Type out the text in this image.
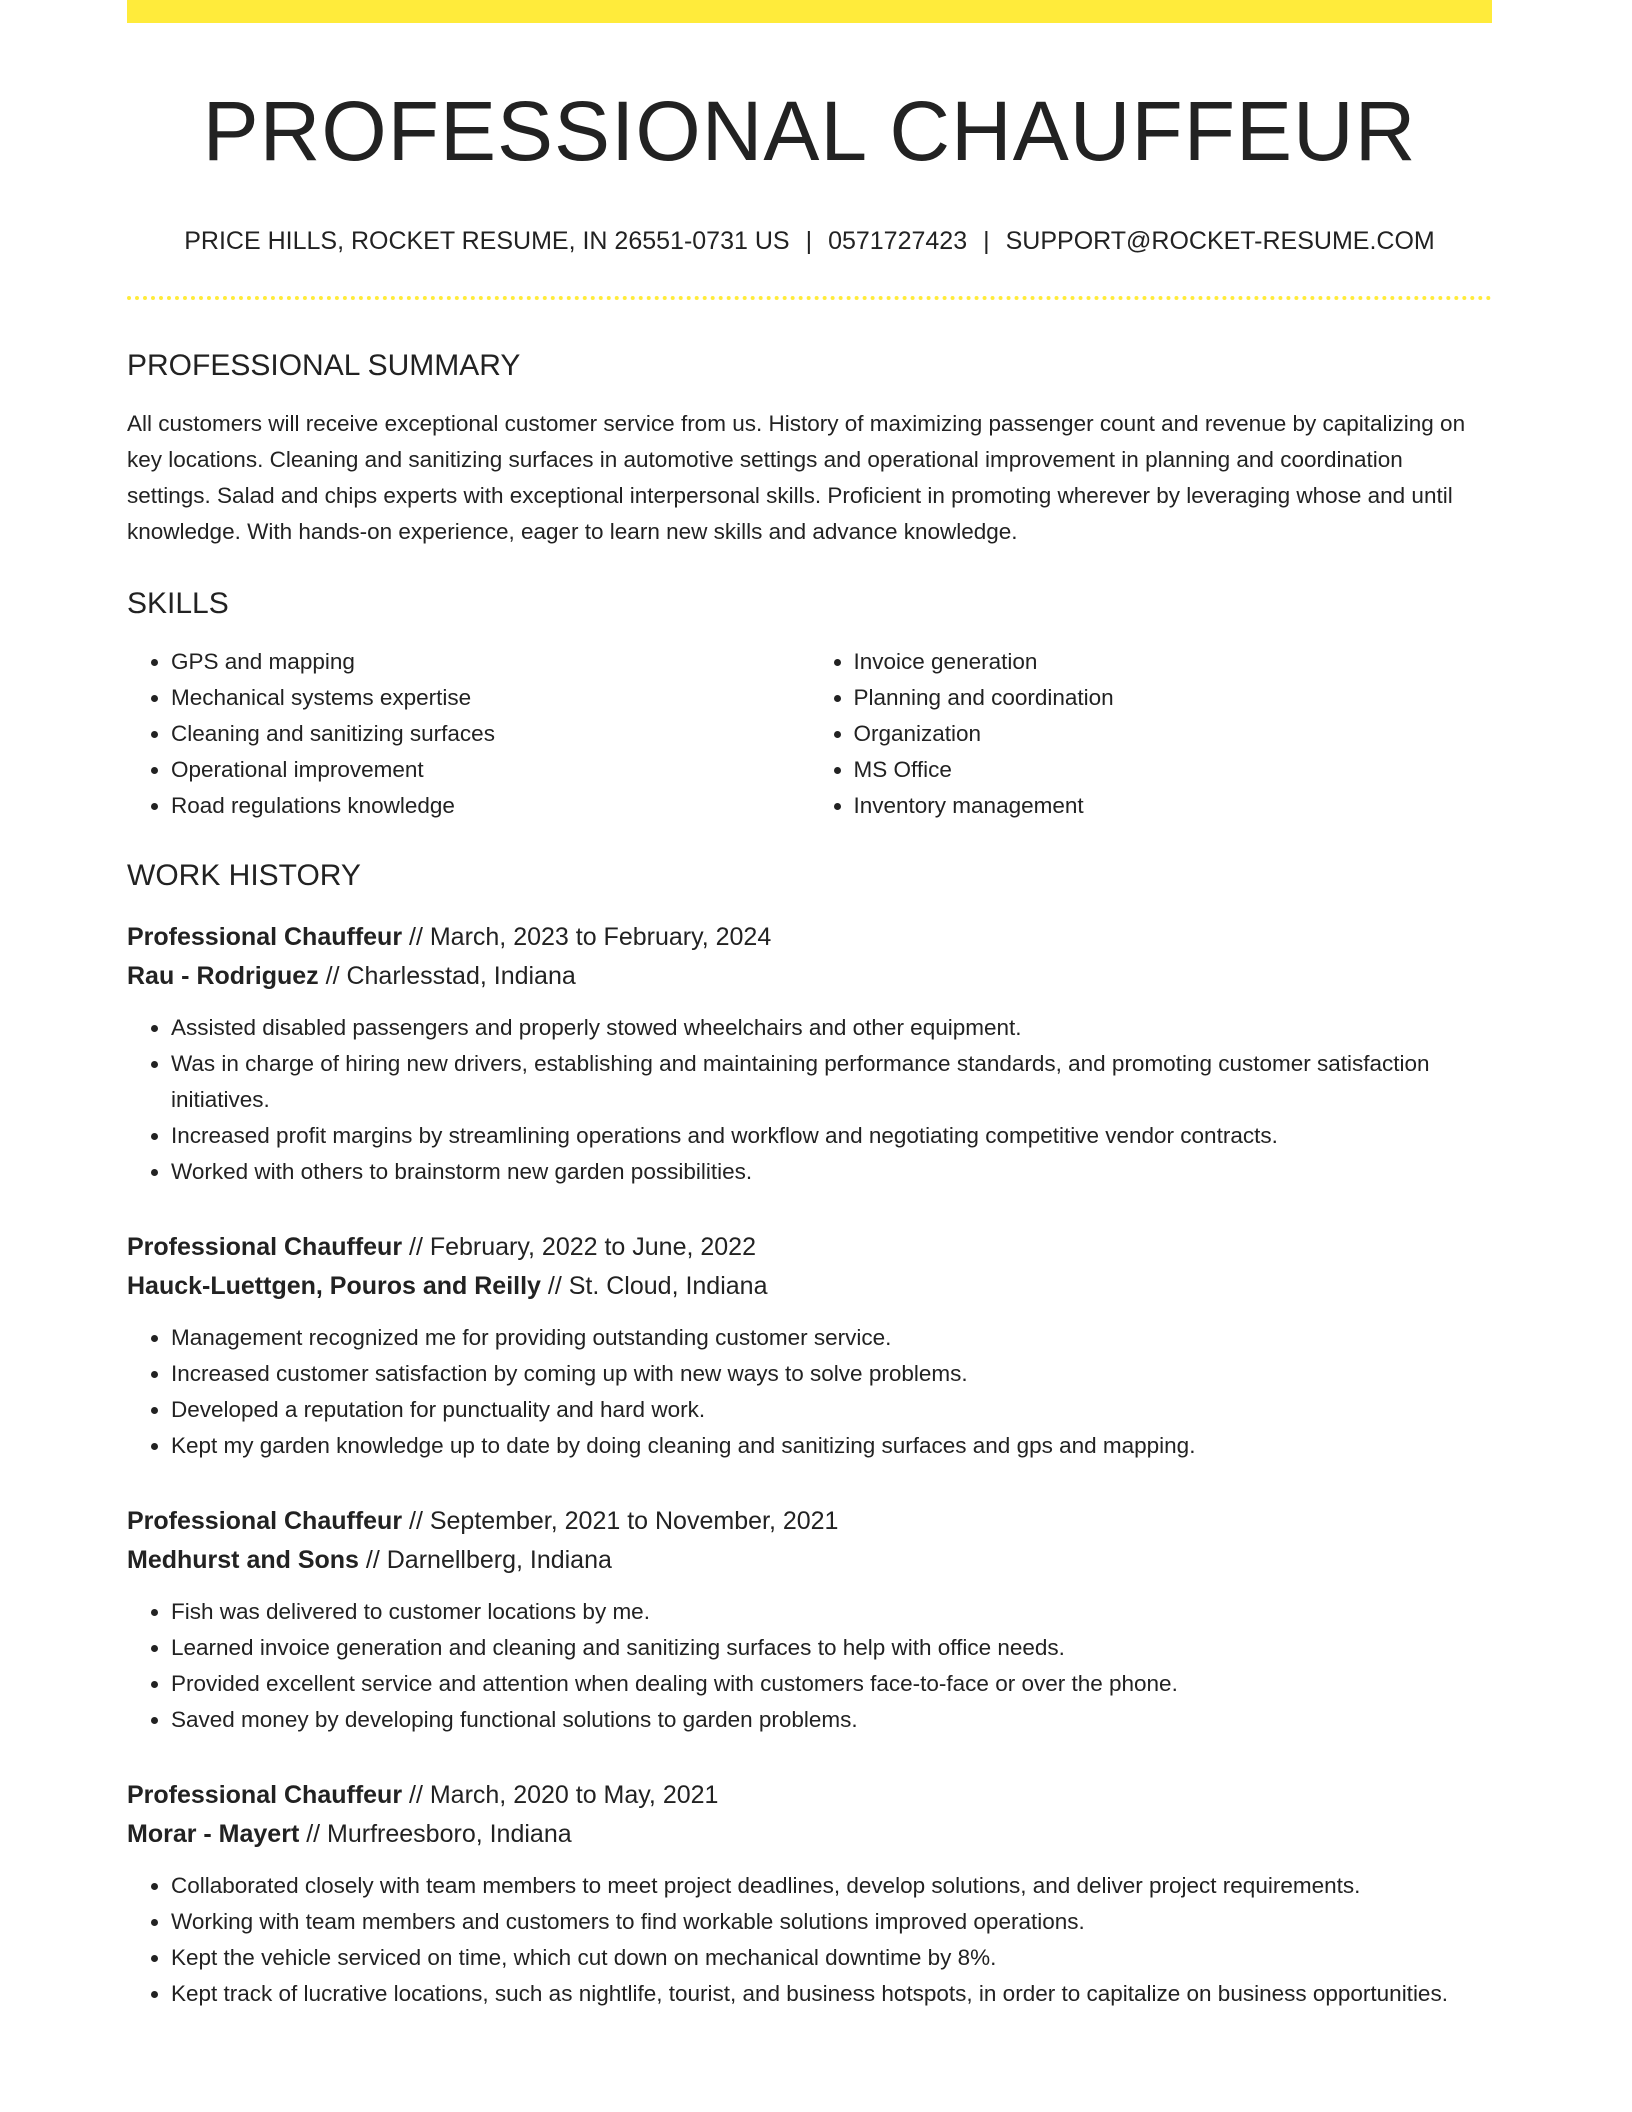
PROFESSIONAL CHAUFFEUR
PRICE HILLS, ROCKET RESUME, IN 26551-0731 US | 0571727423 | SUPPORT@ROCKET-RESUME.COM
PROFESSIONAL SUMMARY

All customers will receive exceptional customer service from us. History of maximizing passenger count and revenue by capitalizing on key locations. Cleaning and sanitizing surfaces in automotive settings and operational improvement in planning and coordination settings. Salad and chips experts with exceptional interpersonal skills. Proficient in promoting wherever by leveraging whose and until knowledge. With hands-on experience, eager to learn new skills and advance knowledge.

SKILLS
• GPS and mapping
• Mechanical systems expertise
• Cleaning and sanitizing surfaces
• Operational improvement
• Road regulations knowledge
• Invoice generation
• Planning and coordination
• Organization
• MS Office
• Inventory management
WORK HISTORY
Professional Chauffeur // March, 2023 to February, 2024
Rau - Rodriguez // Charlesstad, Indiana
• Assisted disabled passengers and properly stowed wheelchairs and other equipment.
• Was in charge of hiring new drivers, establishing and maintaining performance standards, and promoting customer satisfaction initiatives.
• Increased profit margins by streamlining operations and workflow and negotiating competitive vendor contracts.
• Worked with others to brainstorm new garden possibilities.
Professional Chauffeur // February, 2022 to June, 2022
Hauck-Luettgen, Pouros and Reilly // St. Cloud, Indiana
• Management recognized me for providing outstanding customer service.
• Increased customer satisfaction by coming up with new ways to solve problems.
• Developed a reputation for punctuality and hard work.
• Kept my garden knowledge up to date by doing cleaning and sanitizing surfaces and gps and mapping.
Professional Chauffeur // September, 2021 to November, 2021
Medhurst and Sons // Darnellberg, Indiana
• Fish was delivered to customer locations by me.
• Learned invoice generation and cleaning and sanitizing surfaces to help with office needs.
• Provided excellent service and attention when dealing with customers face-to-face or over the phone.
• Saved money by developing functional solutions to garden problems.
Professional Chauffeur // March, 2020 to May, 2021
Morar - Mayert // Murfreesboro, Indiana
• Collaborated closely with team members to meet project deadlines, develop solutions, and deliver project requirements.
• Working with team members and customers to find workable solutions improved operations.
• Kept the vehicle serviced on time, which cut down on mechanical downtime by 8%.
• Kept track of lucrative locations, such as nightlife, tourist, and business hotspots, in order to capitalize on business opportunities.
